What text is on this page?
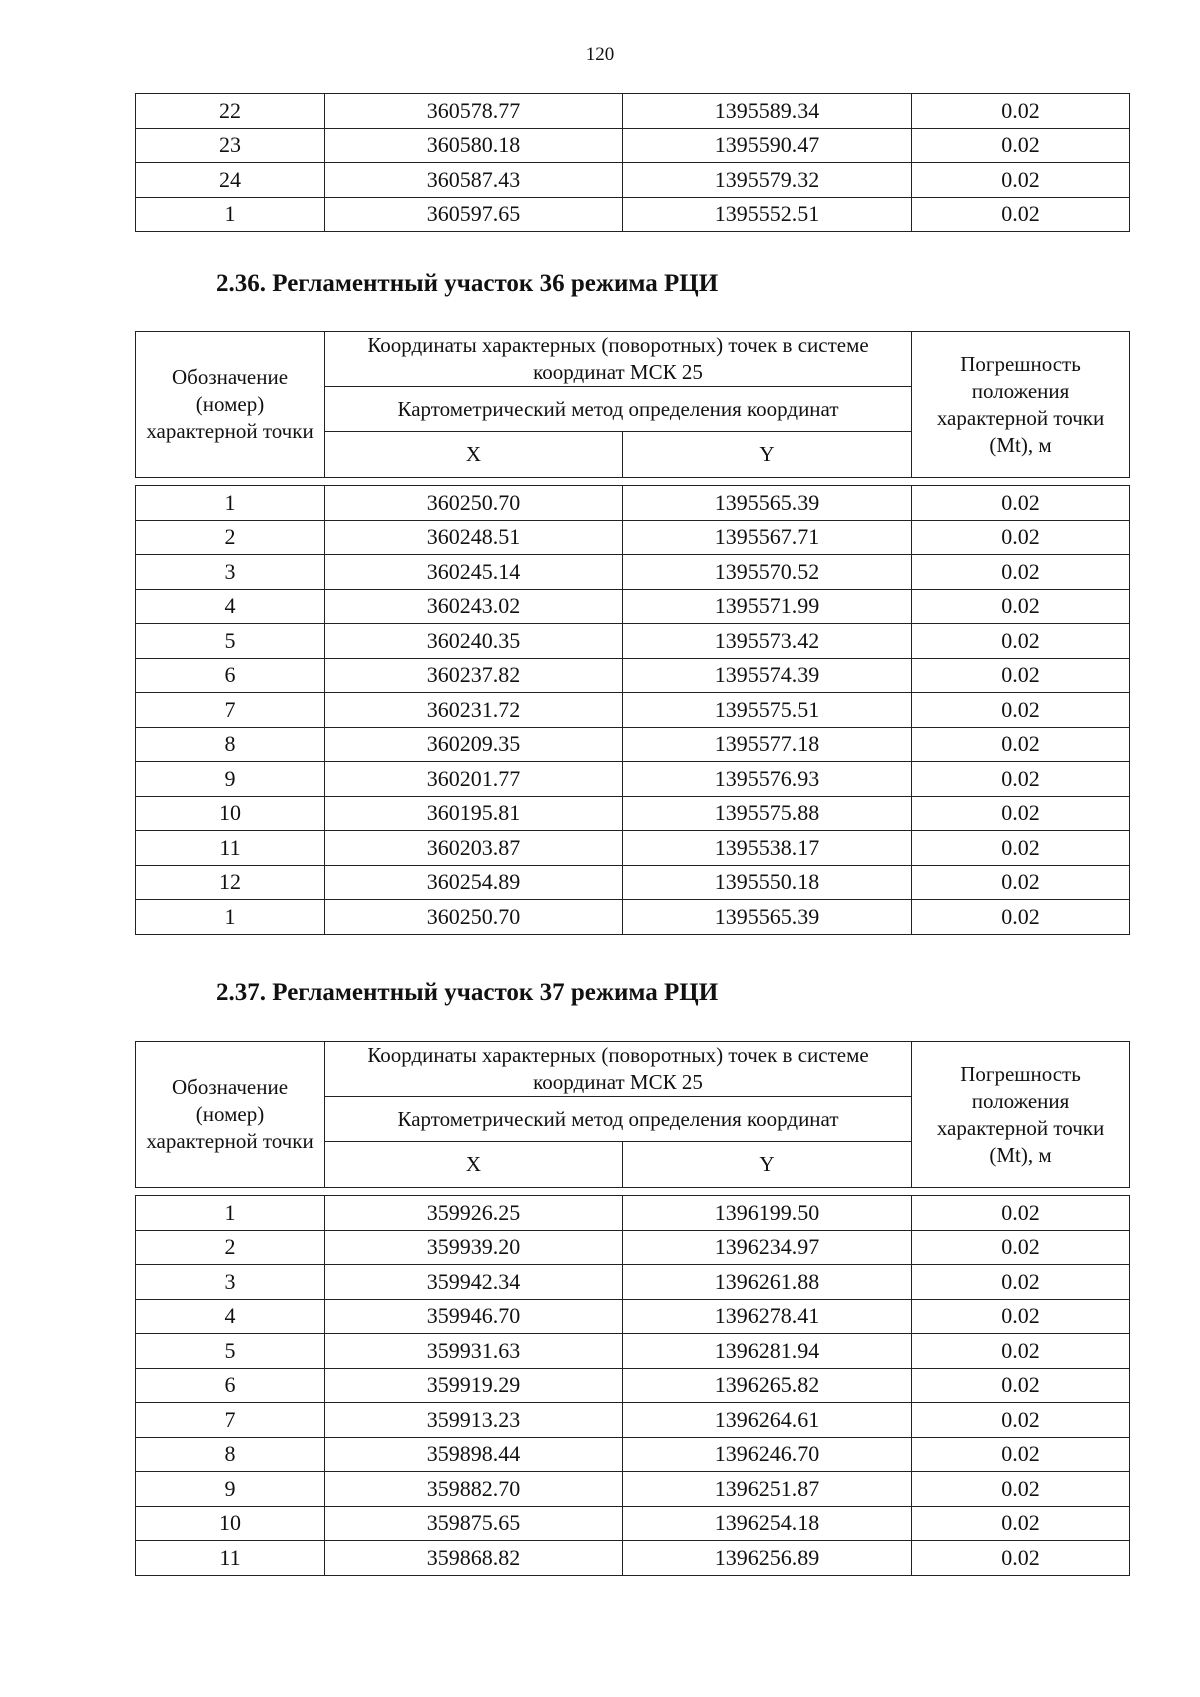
120
22	360578.77	1395589.34	0.02
23	360580.18	1395590.47	0.02
24	360587.43	1395579.32	0.02
1	360597.65	1395552.51	0.02
2.36. Регламентный участок 36 режима РЦИ
Обозначение (номер) характерной точки	Координаты характерных (поворотных) точек в системе координат МСК 25		Погрешность положения характерной точки (Mt), м
	Картометрический метод определения координат		
	X	Y	
1	360250.70	1395565.39	0.02
2	360248.51	1395567.71	0.02
3	360245.14	1395570.52	0.02
4	360243.02	1395571.99	0.02
5	360240.35	1395573.42	0.02
6	360237.82	1395574.39	0.02
7	360231.72	1395575.51	0.02
8	360209.35	1395577.18	0.02
9	360201.77	1395576.93	0.02
10	360195.81	1395575.88	0.02
11	360203.87	1395538.17	0.02
12	360254.89	1395550.18	0.02
1	360250.70	1395565.39	0.02
2.37. Регламентный участок 37 режима РЦИ
Обозначение (номер) характерной точки	Координаты характерных (поворотных) точек в системе координат МСК 25		Погрешность положения характерной точки (Mt), м
	Картометрический метод определения координат		
	X	Y	
1	359926.25	1396199.50	0.02
2	359939.20	1396234.97	0.02
3	359942.34	1396261.88	0.02
4	359946.70	1396278.41	0.02
5	359931.63	1396281.94	0.02
6	359919.29	1396265.82	0.02
7	359913.23	1396264.61	0.02
8	359898.44	1396246.70	0.02
9	359882.70	1396251.87	0.02
10	359875.65	1396254.18	0.02
11	359868.82	1396256.89	0.02
